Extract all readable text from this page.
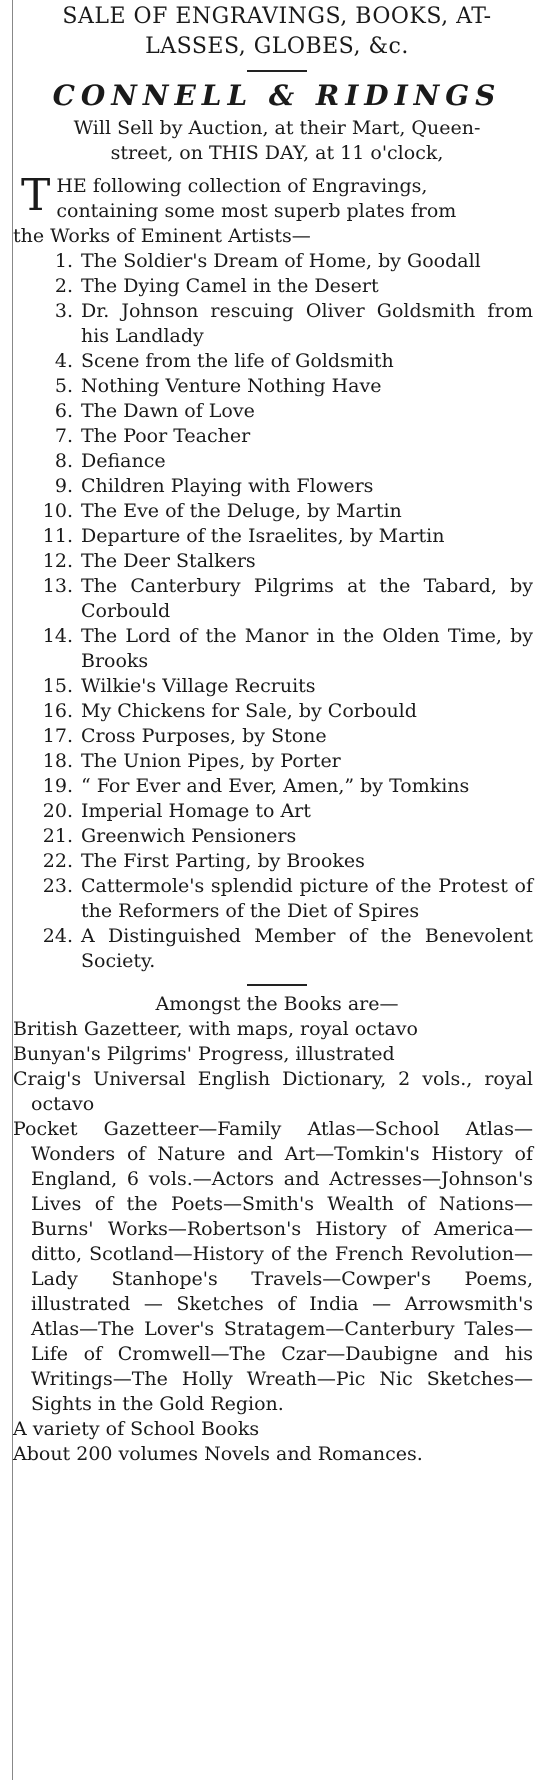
SALE OF ENGRAVINGS, BOOKS, AT-
LASSES, GLOBES, &c.
CONNELL & RIDINGS
Will Sell by Auction, at their Mart, Queen-
street, on THIS DAY, at 11 o'clock,
T HE following collection of Engravings,
containing some most superb plates from
the Works of Eminent Artists—
1. The Soldier's Dream of Home, by Goodall
2. The Dying Camel in the Desert
3. Dr. Johnson rescuing Oliver Goldsmith from his Landlady
4. Scene from the life of Goldsmith
5. Nothing Venture Nothing Have
6. The Dawn of Love
7. The Poor Teacher
8. Defiance
9. Children Playing with Flowers
10. The Eve of the Deluge, by Martin
11. Departure of the Israelites, by Martin
12. The Deer Stalkers
13. The Canterbury Pilgrims at the Tabard, by Corbould
14. The Lord of the Manor in the Olden Time, by Brooks
15. Wilkie's Village Recruits
16. My Chickens for Sale, by Corbould
17. Cross Purposes, by Stone
18. The Union Pipes, by Porter
19. “ For Ever and Ever, Amen,” by Tomkins
20. Imperial Homage to Art
21. Greenwich Pensioners
22. The First Parting, by Brookes
23. Cattermole's splendid picture of the Protest of the Reformers of the Diet of Spires
24. A Distinguished Member of the Benevolent Society.
Amongst the Books are—
British Gazetteer, with maps, royal octavo
Bunyan's Pilgrims' Progress, illustrated
Craig's Universal English Dictionary, 2 vols., royal octavo
Pocket Gazetteer—Family Atlas—School Atlas—Wonders of Nature and Art—Tomkin's History of England, 6 vols.—Actors and Actresses—Johnson's Lives of the Poets—Smith's Wealth of Nations—Burns' Works—Robertson's History of America—ditto, Scotland—History of the French Revolution—Lady Stanhope's Travels—Cowper's Poems, illustrated — Sketches of India — Arrowsmith's Atlas—The Lover's Stratagem—Canterbury Tales—Life of Cromwell—The Czar—Daubigne and his Writings—The Holly Wreath—Pic Nic Sketches—Sights in the Gold Region.
A variety of School Books
About 200 volumes Novels and Romances.
